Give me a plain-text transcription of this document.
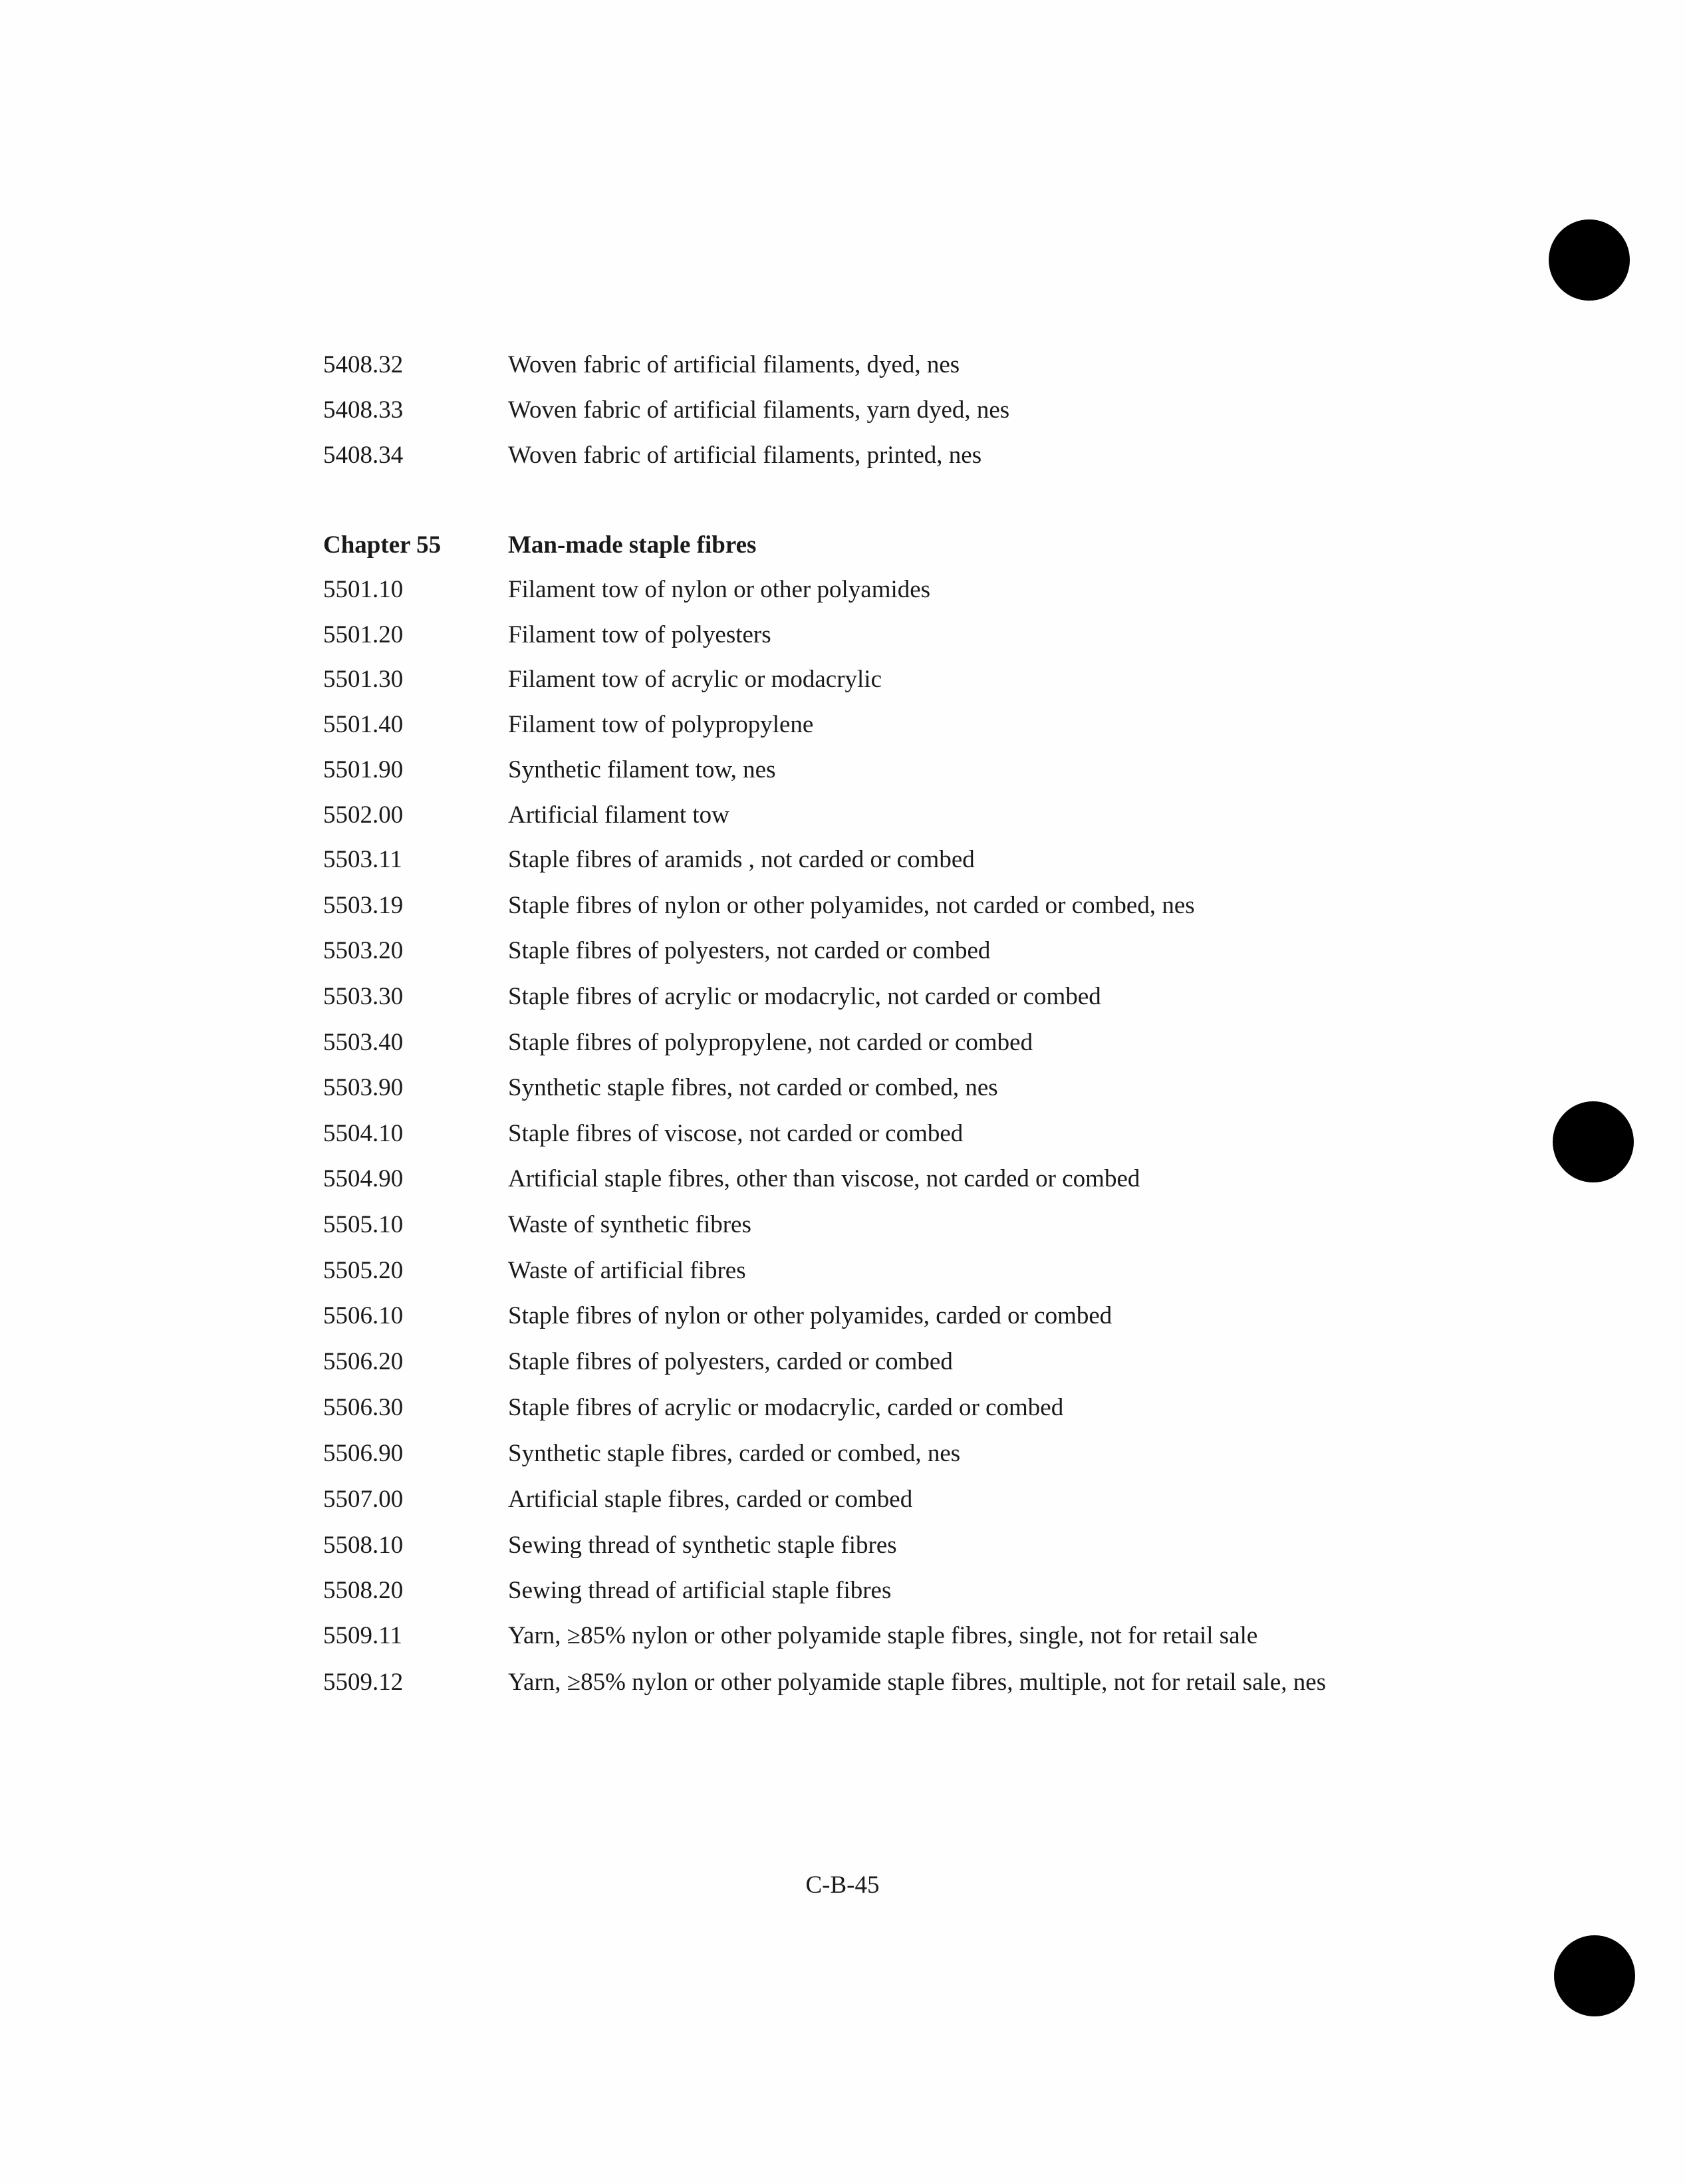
5408.32	Woven fabric of artificial filaments, dyed, nes
5408.33	Woven fabric of artificial filaments, yarn dyed, nes
5408.34	Woven fabric of artificial filaments, printed, nes
Chapter 55	Man-made staple fibres
5501.10	Filament tow of nylon or other polyamides
5501.20	Filament tow of polyesters
5501.30	Filament tow of acrylic or modacrylic
5501.40	Filament tow of polypropylene
5501.90	Synthetic filament tow, nes
5502.00	Artificial filament tow
5503.11	Staple fibres of aramids , not carded or combed
5503.19	Staple fibres of nylon or other polyamides, not carded or combed, nes
5503.20	Staple fibres of polyesters, not carded or combed
5503.30	Staple fibres of acrylic or modacrylic, not carded or combed
5503.40	Staple fibres of polypropylene, not carded or combed
5503.90	Synthetic staple fibres, not carded or combed, nes
5504.10	Staple fibres of viscose, not carded or combed
5504.90	Artificial staple fibres, other than viscose, not carded or combed
5505.10	Waste of synthetic fibres
5505.20	Waste of artificial fibres
5506.10	Staple fibres of nylon or other polyamides, carded or combed
5506.20	Staple fibres of polyesters, carded or combed
5506.30	Staple fibres of acrylic or modacrylic, carded or combed
5506.90	Synthetic staple fibres, carded or combed, nes
5507.00	Artificial staple fibres, carded or combed
5508.10	Sewing thread of synthetic staple fibres
5508.20	Sewing thread of artificial staple fibres
5509.11	Yarn, ≥85% nylon or other polyamide staple fibres, single, not for retail sale
5509.12	Yarn, ≥85% nylon or other polyamide staple fibres, multiple, not for retail sale, nes
C-B-45
